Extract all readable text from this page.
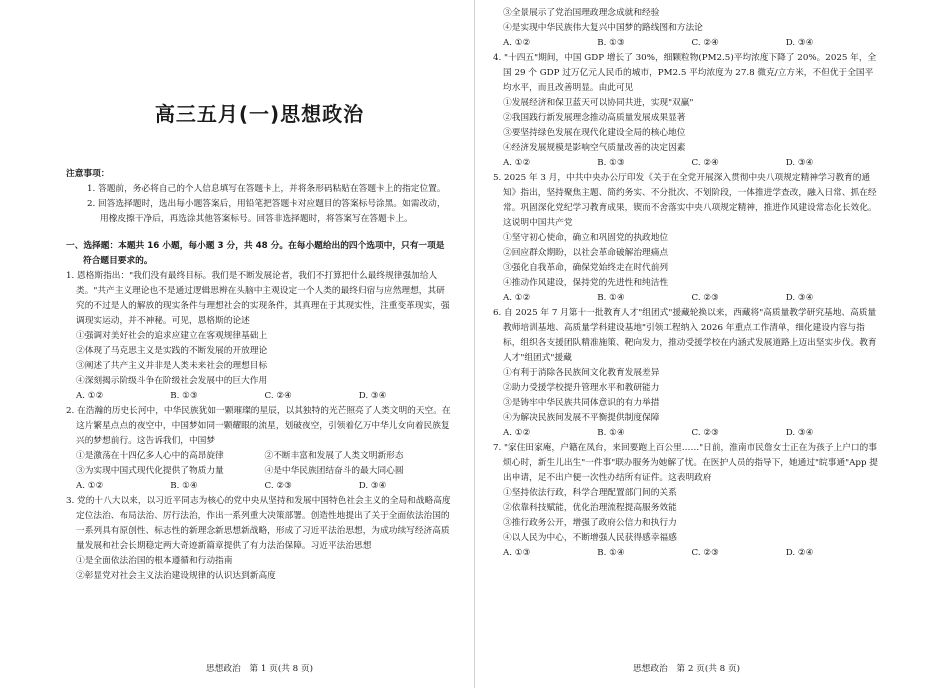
高三五月(一)思想政治
注意事项：

1. 答题前，务必将自己的个人信息填写在答题卡上，并将条形码粘贴在答题卡上的指定位置。

2. 回答选择题时，选出每小题答案后，用铅笔把答题卡对应题目的答案标号涂黑。如需改动，用橡皮擦干净后，再选涂其他答案标号。回答非选择题时，将答案写在答题卡上。

一、选择题：本题共 16 小题，每小题 3 分，共 48 分。在每小题给出的四个选项中，只有一项是
符合题目要求的。

1. 恩格斯指出："我们没有最终目标。我们是不断发展论者，我们不打算把什么最终规律强加给人类。"共产主义理论也不是通过逻辑思辨在头脑中主观设定一个人类的最终归宿与应然理想，其研究的不过是人的解放的现实条件与理想社会的实现条件，其真理在于其现实性，注重变革现实，强调现实运动，并不神秘。可见，恩格斯的论述

①强调对美好社会的追求应建立在客观规律基础上

②体现了马克思主义是实践的不断发展的开放理论

③阐述了共产主义并非是人类未来社会的理想目标

④深刻揭示阶级斗争在阶级社会发展中的巨大作用

A. ①②	B. ①③	C. ②④	D. ③④

2. 在浩瀚的历史长河中，中华民族犹如一颗璀璨的星辰，以其独特的光芒照亮了人类文明的天空。在这片繁星点点的夜空中，中国梦如同一颗耀眼的流星，划破夜空，引领着亿万中华儿女向着民族复兴的梦想前行。这告诉我们，中国梦

①是激荡在十四亿多人心中的高昂旋律	②不断丰富和发展了人类文明新形态
③为实现中国式现代化提供了物质力量	④是中华民族团结奋斗的最大同心圆
A. ①②	B. ①④	C. ②③	D. ③④

3. 党的十八大以来，以习近平同志为核心的党中央从坚持和发展中国特色社会主义的全局和战略高度定位法治、布局法治、厉行法治，作出一系列重大决策部署。创造性地提出了关于全面依法治国的一系列具有原创性、标志性的新理念新思想新战略，形成了习近平法治思想，为成功续写经济高质量发展和社会长期稳定两大奇迹新篇章提供了有力法治保障。习近平法治思想

①是全面依法治国的根本遵循和行动指南

②彰显党对社会主义法治建设规律的认识达到新高度

思想政治　第 1 页(共 8 页)

③全景展示了党治国理政理念成就和经验

④是实现中华民族伟大复兴中国梦的路线图和方法论

A. ①②	B. ①③	C. ②④	D. ③④

4. "十四五"期间，中国 GDP 增长了 30%，细颗粒物(PM2.5)平均浓度下降了 20%。2025 年，全国 29 个 GDP 过万亿元人民币的城市，PM2.5 平均浓度为 27.8 微克/立方米，不但优于全国平均水平，而且改善明显。由此可见

①发展经济和保卫蓝天可以协同共进，实现"双赢"

②我国践行新发展理念推动高质量发展成果显著

③要坚持绿色发展在现代化建设全局的核心地位

④经济发展规模是影响空气质量改善的决定因素

A. ①②	B. ①③	C. ②④	D. ③④

5. 2025 年 3 月，中共中央办公厅印发《关于在全党开展深入贯彻中央八项规定精神学习教育的通知》指出，坚持聚焦主题、简约务实、不分批次、不划阶段，一体推进学查改，融入日常、抓在经常。巩固深化党纪学习教育成果，锲而不舍落实中央八项规定精神，推进作风建设常态化长效化。这说明中国共产党

①坚守初心使命，确立和巩固党的执政地位

②回应群众期盼，以社会革命破解治理痛点

③强化自我革命，确保党始终走在时代前列

④推动作风建设，保持党的先进性和纯洁性

A. ①②	B. ①④	C. ②③	D. ③④

6. 自 2025 年 7 月第十一批教育人才"组团式"援藏轮换以来，西藏将"高质量教学研究基地、高质量教师培训基地、高质量学科建设基地"引领工程纳入 2026 年重点工作清单，细化建设内容与指标，组织各支援团队精准施策、靶向发力，推动受援学校在内涵式发展道路上迈出坚实步伐。教育人才"组团式"援藏

①有利于消除各民族间文化教育发展差异

②助力受援学校提升管理水平和教研能力

③是铸牢中华民族共同体意识的有力举措

④为解决民族间发展不平衡提供制度保障

A. ①②	B. ①④	C. ②③	D. ③④

7. "家住田家庵，户籍在凤台，来回要跑上百公里……"日前，淮南市民詹女士正在为孩子上户口的事烦心时，新生儿出生"一件事"联办服务为她解了忧。在医护人员的指导下，她通过"皖事通"App 提出申请，足不出户便一次性办结所有证件。这表明政府

①坚持依法行政，科学合理配置部门间的关系

②依靠科技赋能，优化治理流程提高服务效能

③推行政务公开，增强了政府公信力和执行力

④以人民为中心，不断增强人民获得感幸福感

A. ①③	B. ①④	C. ②③	D. ②④
思想政治　第 2 页(共 8 页)
